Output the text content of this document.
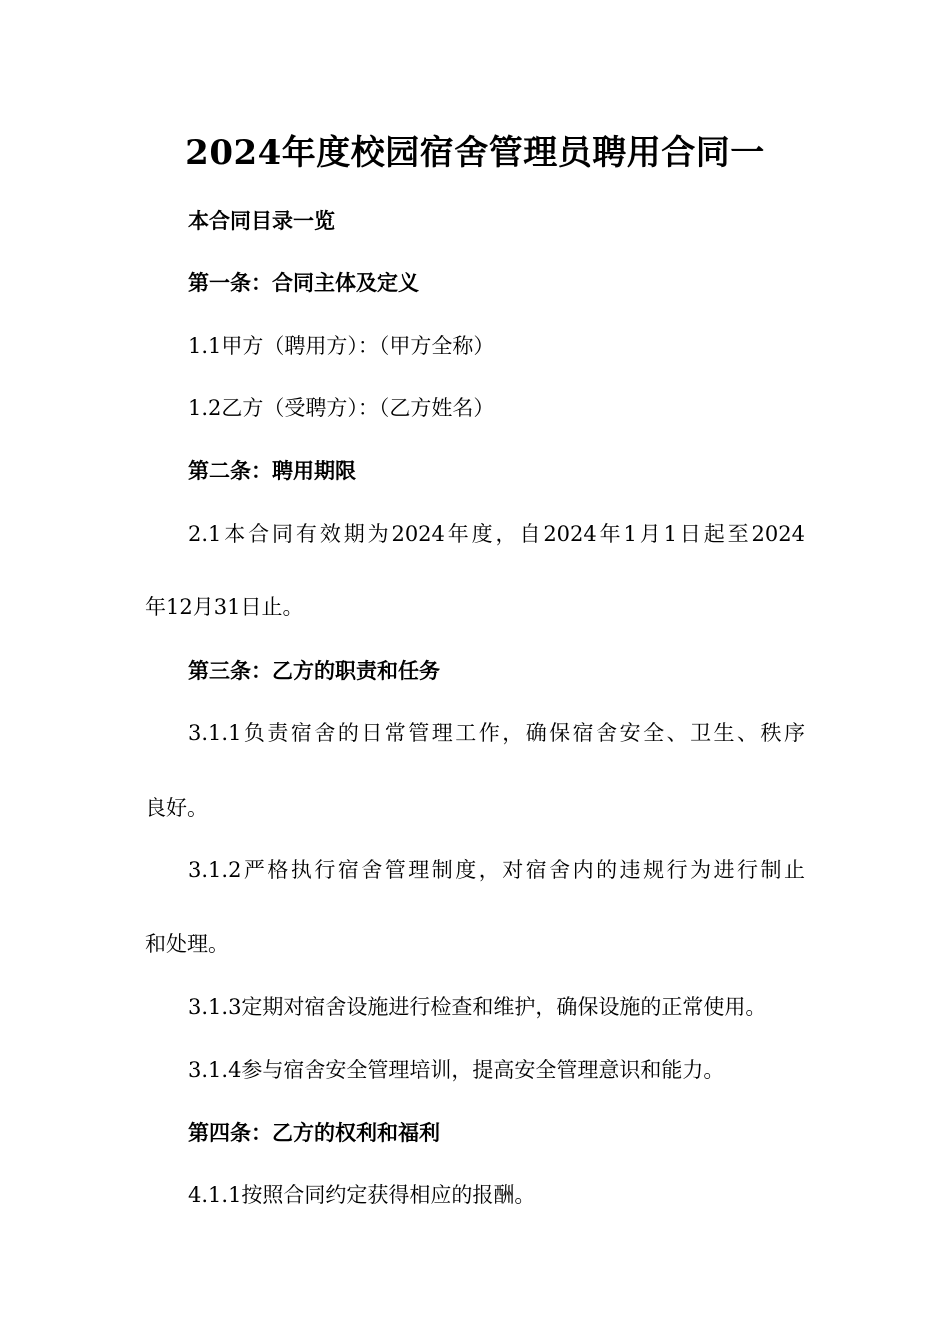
2024年度校园宿舍管理员聘用合同一
本合同目录一览
第一条：合同主体及定义
1.1甲方（聘用方）：（甲方全称）
1.2乙方（受聘方）：（乙方姓名）
第二条：聘用期限
2.1本合同有效期为2024年度，自2024年1月1日起至2024
年12月31日止。
第三条：乙方的职责和任务
3.1.1负责宿舍的日常管理工作，确保宿舍安全、卫生、秩序
良好。
3.1.2严格执行宿舍管理制度，对宿舍内的违规行为进行制止
和处理。
3.1.3定期对宿舍设施进行检查和维护，确保设施的正常使用。
3.1.4参与宿舍安全管理培训，提高安全管理意识和能力。
第四条：乙方的权利和福利
4.1.1按照合同约定获得相应的报酬。
